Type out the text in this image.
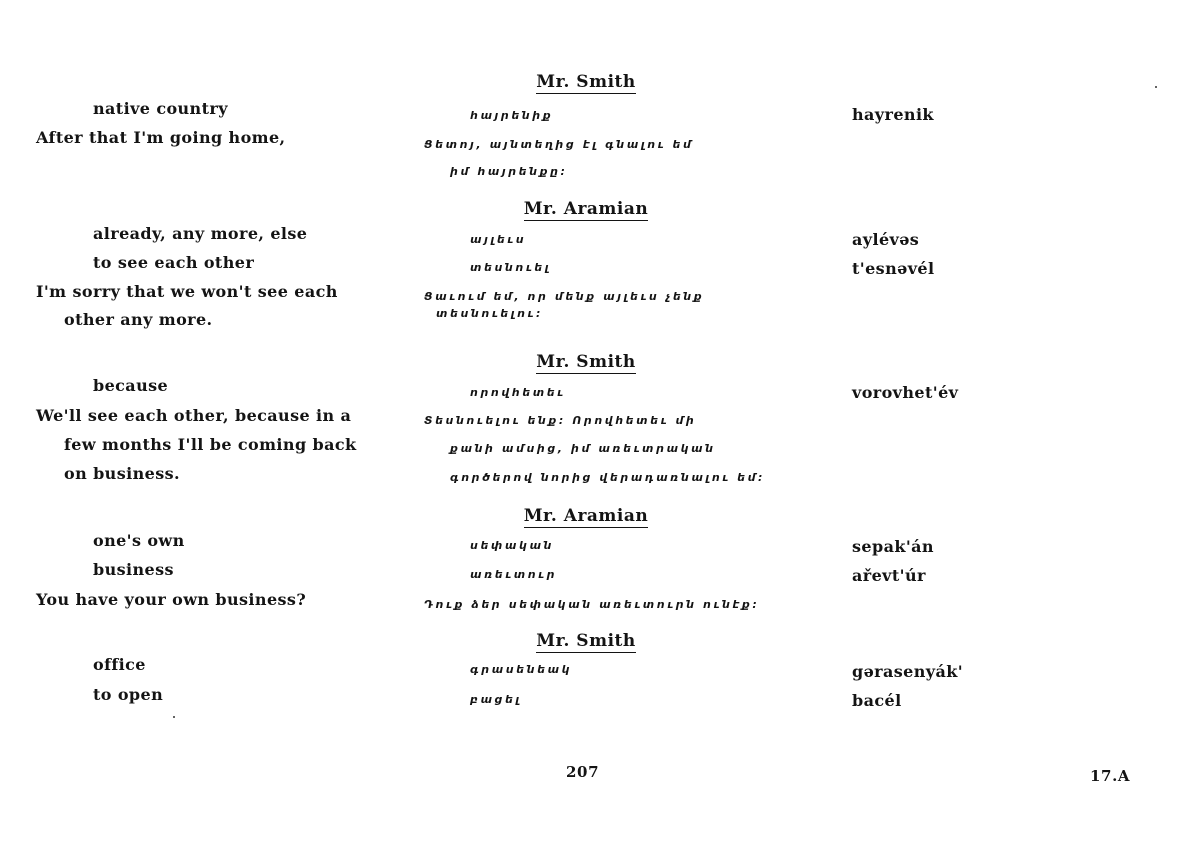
Mr. Smith
native country	հայրենիք	hayrenik
After that I'm going home,	Ցետոյ, այնտեղից էլ գնալու եմ
իմ հայրենքը։
Mr. Aramian
already, any more, else	այլեւս	aylévəs
to see each other	տեսնուել	t'esnəvél
I'm sorry that we won't see each	Ցաւում եմ, որ մենք այլեւս չենք
other any more.	տեսնուելու։
Mr. Smith
because	որովհետեւ	vorovhet'év
We'll see each other, because in a	Տեսնուելու ենք։ Որովհետեւ մի
few months I'll be coming back	քանի ամսից, իմ առեւտրական
on business.	գործերով նորից վերադառնալու եմ։
Mr. Aramian
one's own	սեփական	sepak'án
business	առեւտուր	ařevt'úr
You have your own business?	Դուք ձեր սեփական առեւտուրն ունէք։
Mr. Smith
office	գրասենեակ	gərasenyák'
to open	բացել	bacél
207	17.A
